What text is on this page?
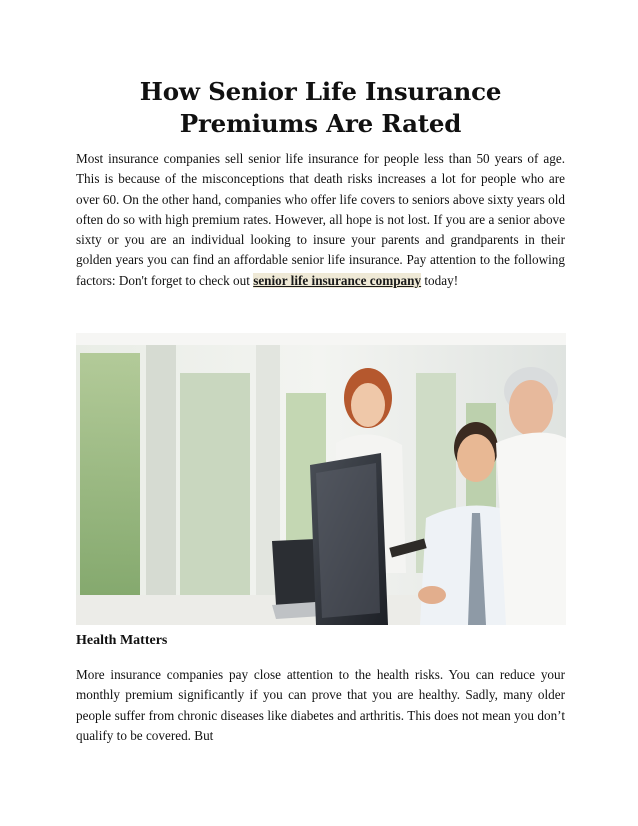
How Senior Life Insurance Premiums Are Rated

Most insurance companies sell senior life insurance for people less than 50 years of age. This is because of the misconceptions that death risks increases a lot for people who are over 60. On the other hand, companies who offer life covers to seniors above sixty years old often do so with high premium rates. However, all hope is not lost. If you are a senior above sixty or you are an individual looking to insure your parents and grandparents in their golden years you can find an affordable senior life insurance. Pay attention to the following factors: Don't forget to check out senior life insurance company today!

Health Matters

More insurance companies pay close attention to the health risks. You can reduce your monthly premium significantly if you can prove that you are healthy. Sadly, many older people suffer from chronic diseases like diabetes and arthritis. This does not mean you don’t qualify to be covered. But
